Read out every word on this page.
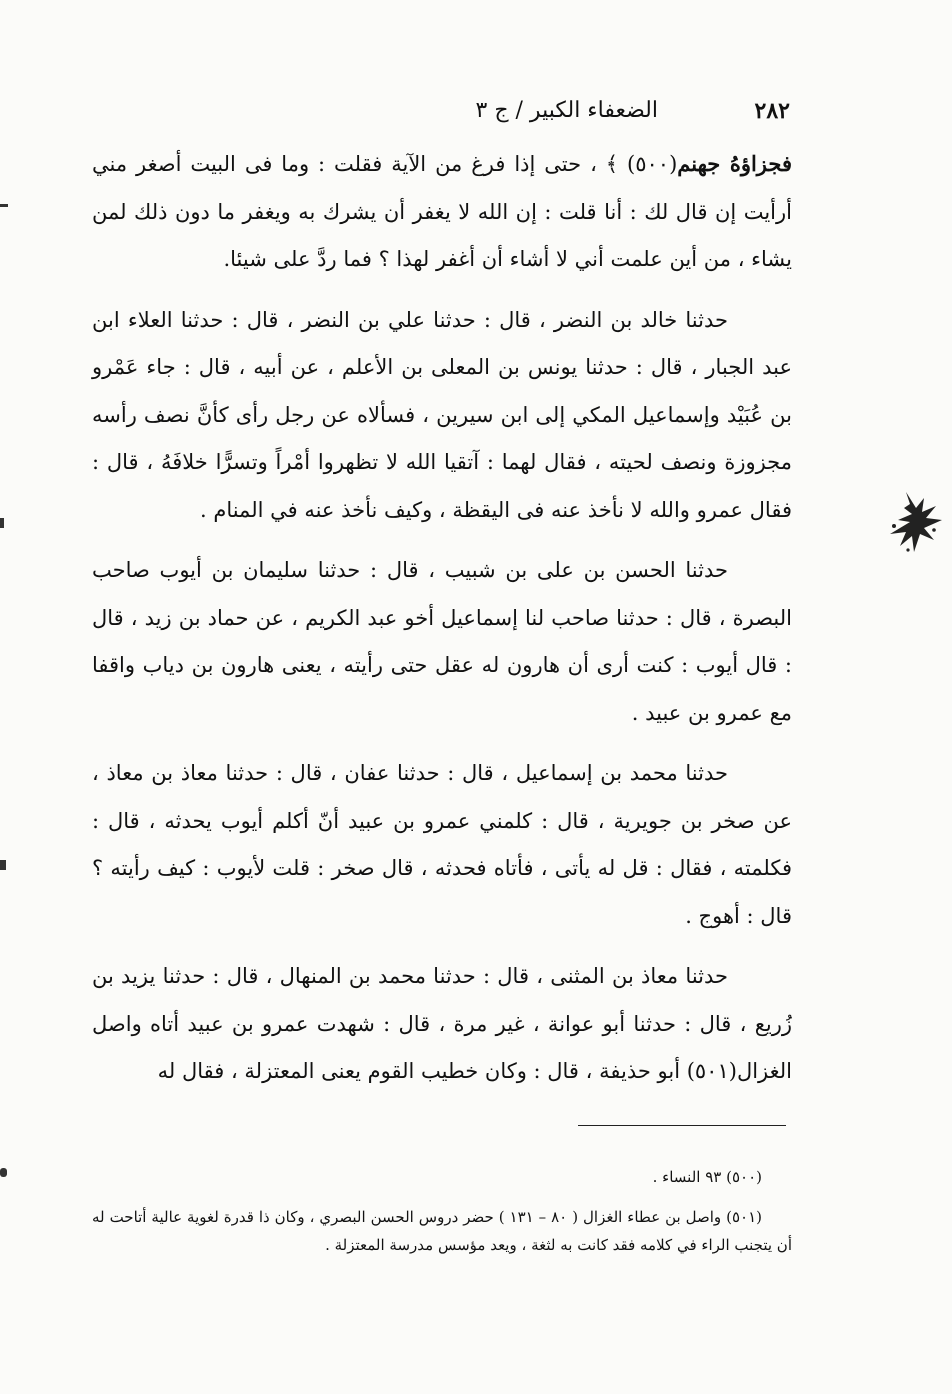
٢٨٢
الضعفاء الكبير / ج ٣

فجزاؤهُ جهنم(٥٠٠) ﴾ ، حتى إذا فرغ من الآية فقلت : وما فى البيت أصغر مني أرأيت إن قال لك : أنا قلت : إن الله لا يغفر أن يشرك به ويغفر ما دون ذلك لمن يشاء ، من أين علمت أني لا أشاء أن أغفر لهذا ؟ فما ردَّ على شيئا.

حدثنا خالد بن النضر ، قال : حدثنا علي بن النضر ، قال : حدثنا العلاء ابن عبد الجبار ، قال : حدثنا يونس بن المعلى بن الأعلم ، عن أبيه ، قال : جاء عَمْرو بن عُبَيْد وإسماعيل المكي إلى ابن سيرين ، فسألاه عن رجل رأى كأنَّ نصف رأسه مجزوزة ونصف لحيته ، فقال لهما : آتقيا الله لا تظهروا أمْراً وتسرًّا خلافَهُ ، قال : فقال عمرو والله لا نأخذ عنه فى اليقظة ، وكيف نأخذ عنه في المنام .

حدثنا الحسن بن على بن شبيب ، قال : حدثنا سليمان بن أيوب صاحب البصرة ، قال : حدثنا صاحب لنا إسماعيل أخو عبد الكريم ، عن حماد بن زيد ، قال : قال أيوب : كنت أرى أن هارون له عقل حتى رأيته ، يعنى هارون بن دياب واقفا مع عمرو بن عبيد .

حدثنا محمد بن إسماعيل ، قال : حدثنا عفان ، قال : حدثنا معاذ بن معاذ ، عن صخر بن جويرية ، قال : كلمني عمرو بن عبيد أنّ أكلم أيوب يحدثه ، قال : فكلمته ، فقال : قل له يأتى ، فأتاه فحدثه ، قال صخر : قلت لأيوب : كيف رأيته ؟ قال : أهوج .

حدثنا معاذ بن المثنى ، قال : حدثنا محمد بن المنهال ، قال : حدثنا يزيد بن زُريع ، قال : حدثنا أبو عوانة ، غير مرة ، قال : شهدت عمرو بن عبيد أتاه واصل الغزال(٥٠١) أبو حذيفة ، قال : وكان خطيب القوم يعنى المعتزلة ، فقال له

(٥٠٠) ٩٣ النساء .

(٥٠١) واصل بن عطاء الغزال ( ٨٠ – ١٣١ ) حضر دروس الحسن البصري ، وكان ذا قدرة لغوية عالية أتاحت له أن يتجنب الراء في كلامه فقد كانت به لثغة ، ويعد مؤسس مدرسة المعتزلة .
